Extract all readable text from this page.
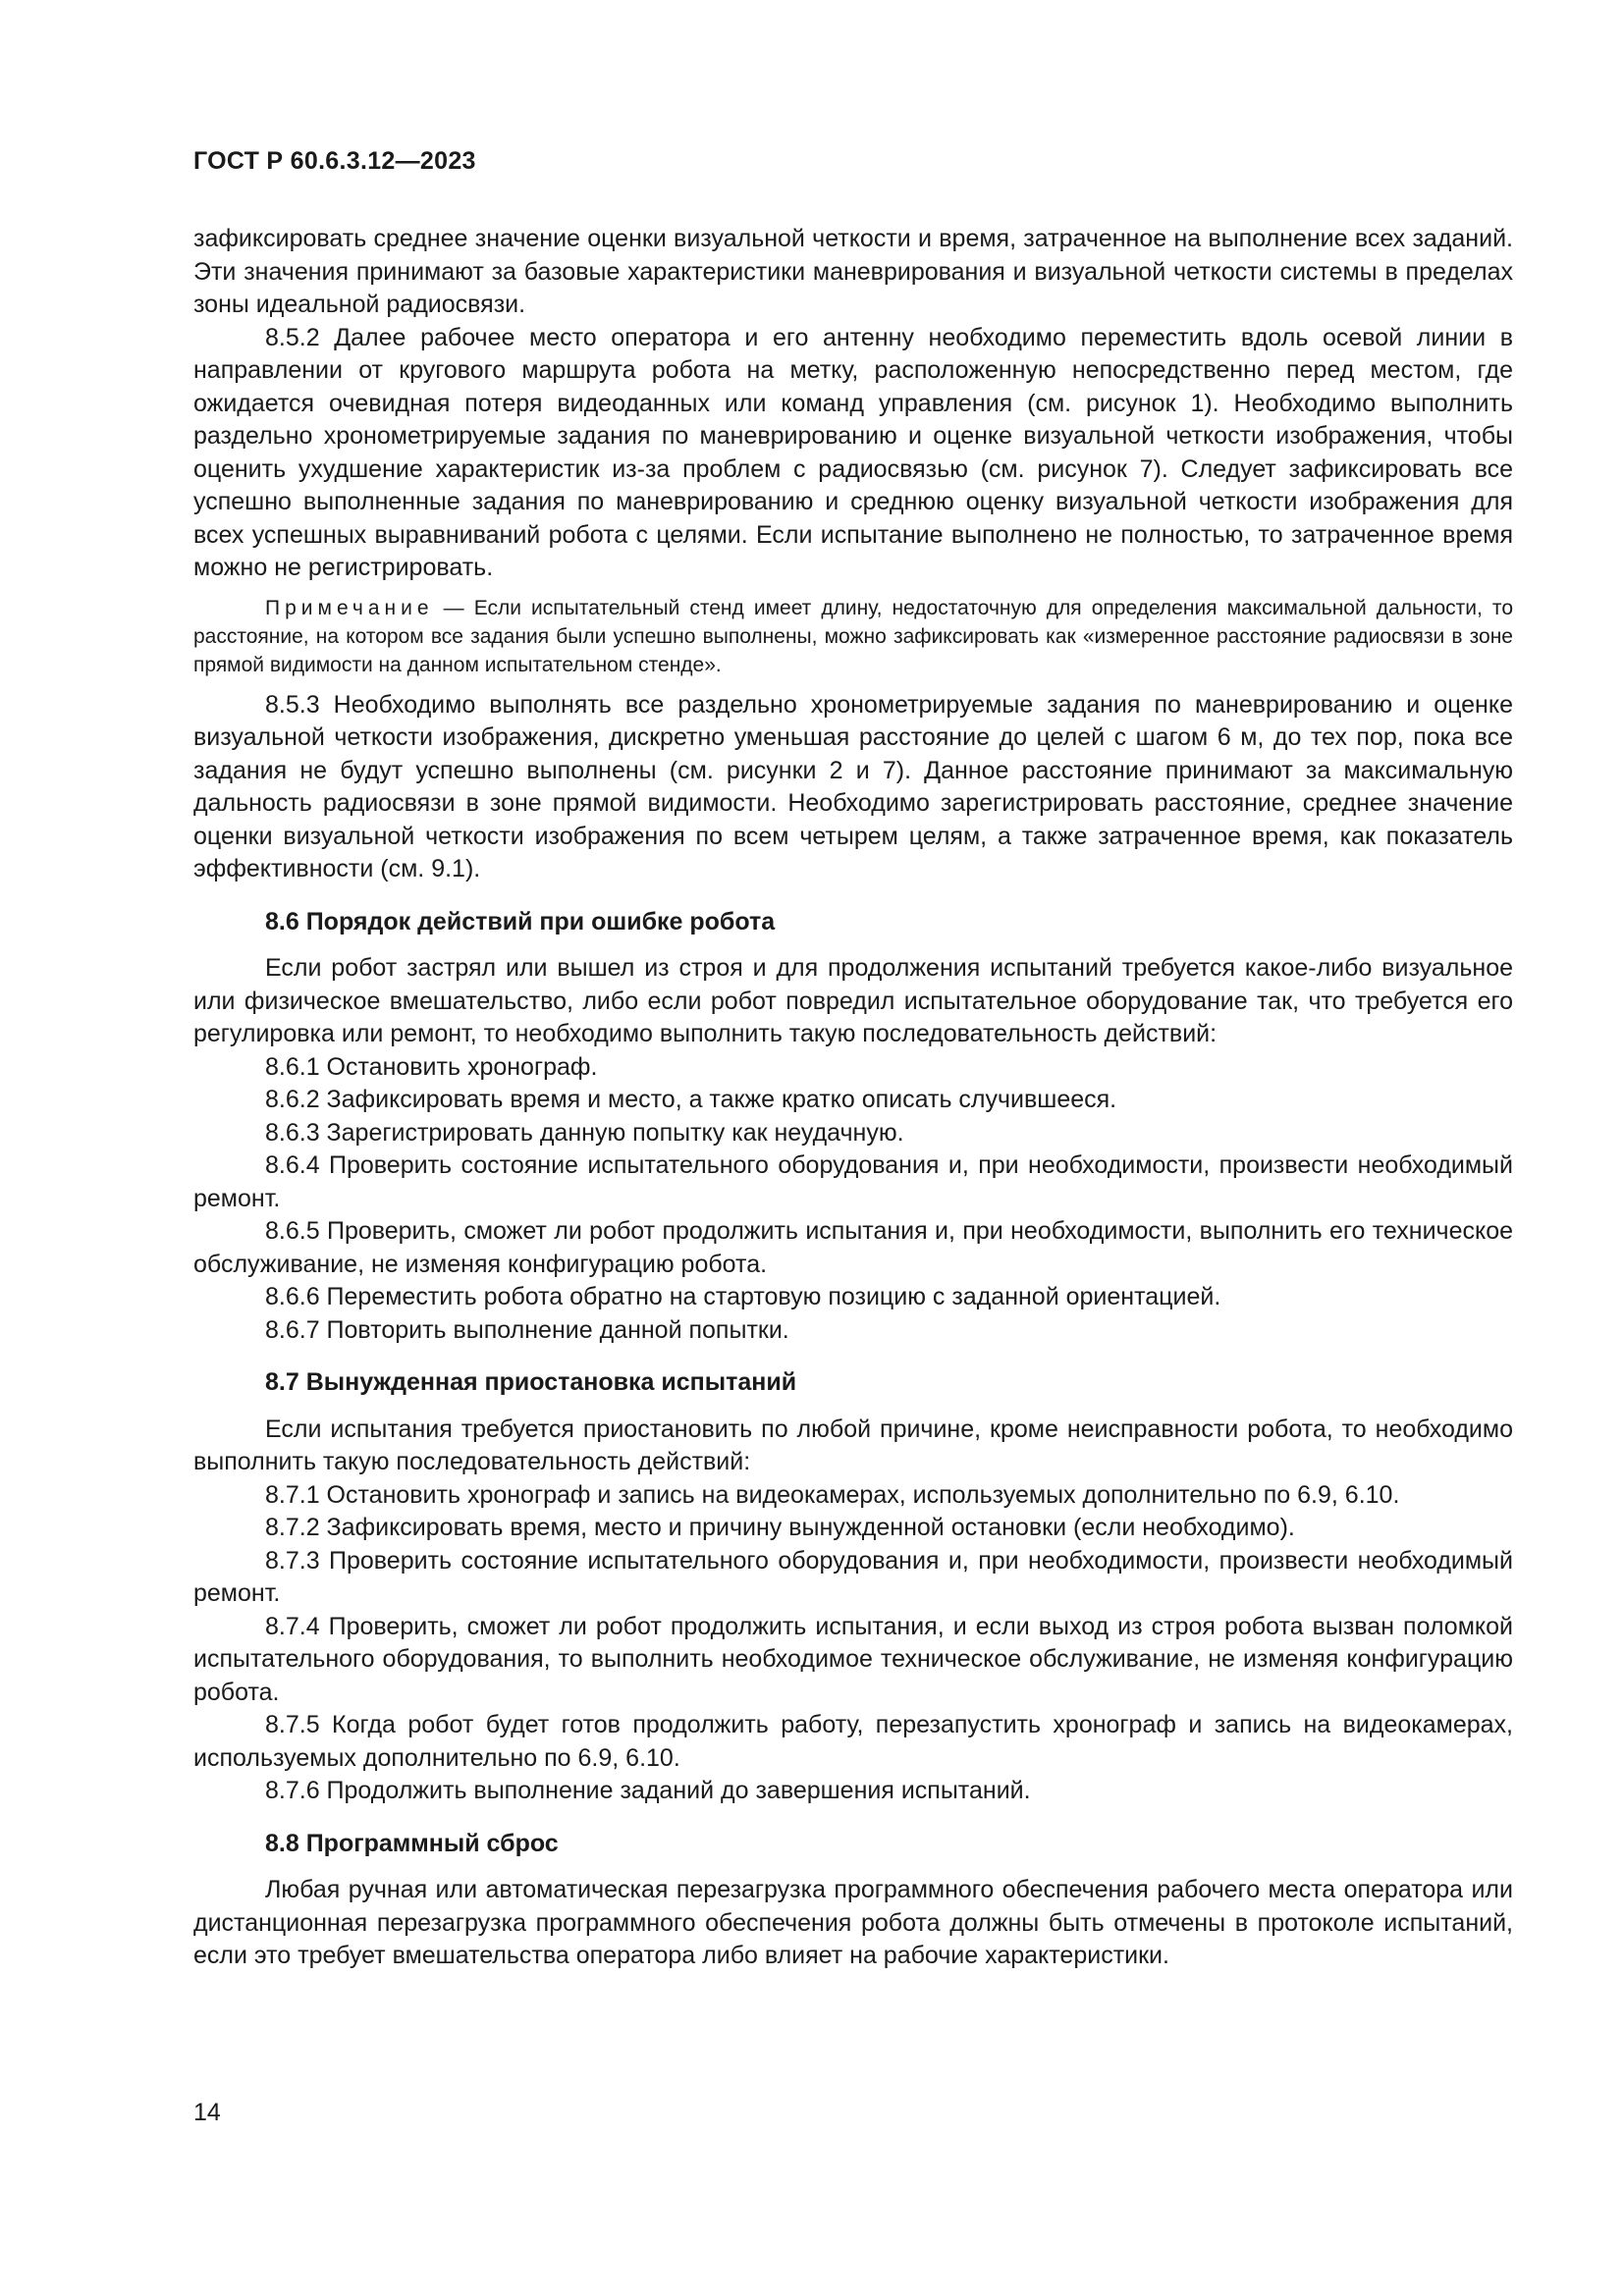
ГОСТ Р 60.6.3.12—2023

зафиксировать среднее значение оценки визуальной четкости и время, затраченное на выполнение всех заданий. Эти значения принимают за базовые характеристики маневрирования и визуальной четкости системы в пределах зоны идеальной радиосвязи.

8.5.2 Далее рабочее место оператора и его антенну необходимо переместить вдоль осевой линии в направлении от кругового маршрута робота на метку, расположенную непосредственно перед местом, где ожидается очевидная потеря видеоданных или команд управления (см. рисунок 1). Необходимо выполнить раздельно хронометрируемые задания по маневрированию и оценке визуальной четкости изображения, чтобы оценить ухудшение характеристик из-за проблем с радиосвязью (см. рисунок 7). Следует зафиксировать все успешно выполненные задания по маневрированию и среднюю оценку визуальной четкости изображения для всех успешных выравниваний робота с целями. Если испытание выполнено не полностью, то затраченное время можно не регистрировать.

Примечание — Если испытательный стенд имеет длину, недостаточную для определения максимальной дальности, то расстояние, на котором все задания были успешно выполнены, можно зафиксировать как «измеренное расстояние радиосвязи в зоне прямой видимости на данном испытательном стенде».

8.5.3 Необходимо выполнять все раздельно хронометрируемые задания по маневрированию и оценке визуальной четкости изображения, дискретно уменьшая расстояние до целей с шагом 6 м, до тех пор, пока все задания не будут успешно выполнены (см. рисунки 2 и 7). Данное расстояние принимают за максимальную дальность радиосвязи в зоне прямой видимости. Необходимо зарегистрировать расстояние, среднее значение оценки визуальной четкости изображения по всем четырем целям, а также затраченное время, как показатель эффективности (см. 9.1).

8.6 Порядок действий при ошибке робота

Если робот застрял или вышел из строя и для продолжения испытаний требуется какое-либо визуальное или физическое вмешательство, либо если робот повредил испытательное оборудование так, что требуется его регулировка или ремонт, то необходимо выполнить такую последовательность действий:

8.6.1 Остановить хронограф.

8.6.2 Зафиксировать время и место, а также кратко описать случившееся.

8.6.3 Зарегистрировать данную попытку как неудачную.

8.6.4 Проверить состояние испытательного оборудования и, при необходимости, произвести необходимый ремонт.

8.6.5 Проверить, сможет ли робот продолжить испытания и, при необходимости, выполнить его техническое обслуживание, не изменяя конфигурацию робота.

8.6.6 Переместить робота обратно на стартовую позицию с заданной ориентацией.

8.6.7 Повторить выполнение данной попытки.

8.7 Вынужденная приостановка испытаний

Если испытания требуется приостановить по любой причине, кроме неисправности робота, то необходимо выполнить такую последовательность действий:

8.7.1 Остановить хронограф и запись на видеокамерах, используемых дополнительно по 6.9, 6.10.

8.7.2 Зафиксировать время, место и причину вынужденной остановки (если необходимо).

8.7.3 Проверить состояние испытательного оборудования и, при необходимости, произвести необходимый ремонт.

8.7.4 Проверить, сможет ли робот продолжить испытания, и если выход из строя робота вызван поломкой испытательного оборудования, то выполнить необходимое техническое обслуживание, не изменяя конфигурацию робота.

8.7.5 Когда робот будет готов продолжить работу, перезапустить хронограф и запись на видеокамерах, используемых дополнительно по 6.9, 6.10.

8.7.6 Продолжить выполнение заданий до завершения испытаний.

8.8 Программный сброс

Любая ручная или автоматическая перезагрузка программного обеспечения рабочего места оператора или дистанционная перезагрузка программного обеспечения робота должны быть отмечены в протоколе испытаний, если это требует вмешательства оператора либо влияет на рабочие характеристики.

14
